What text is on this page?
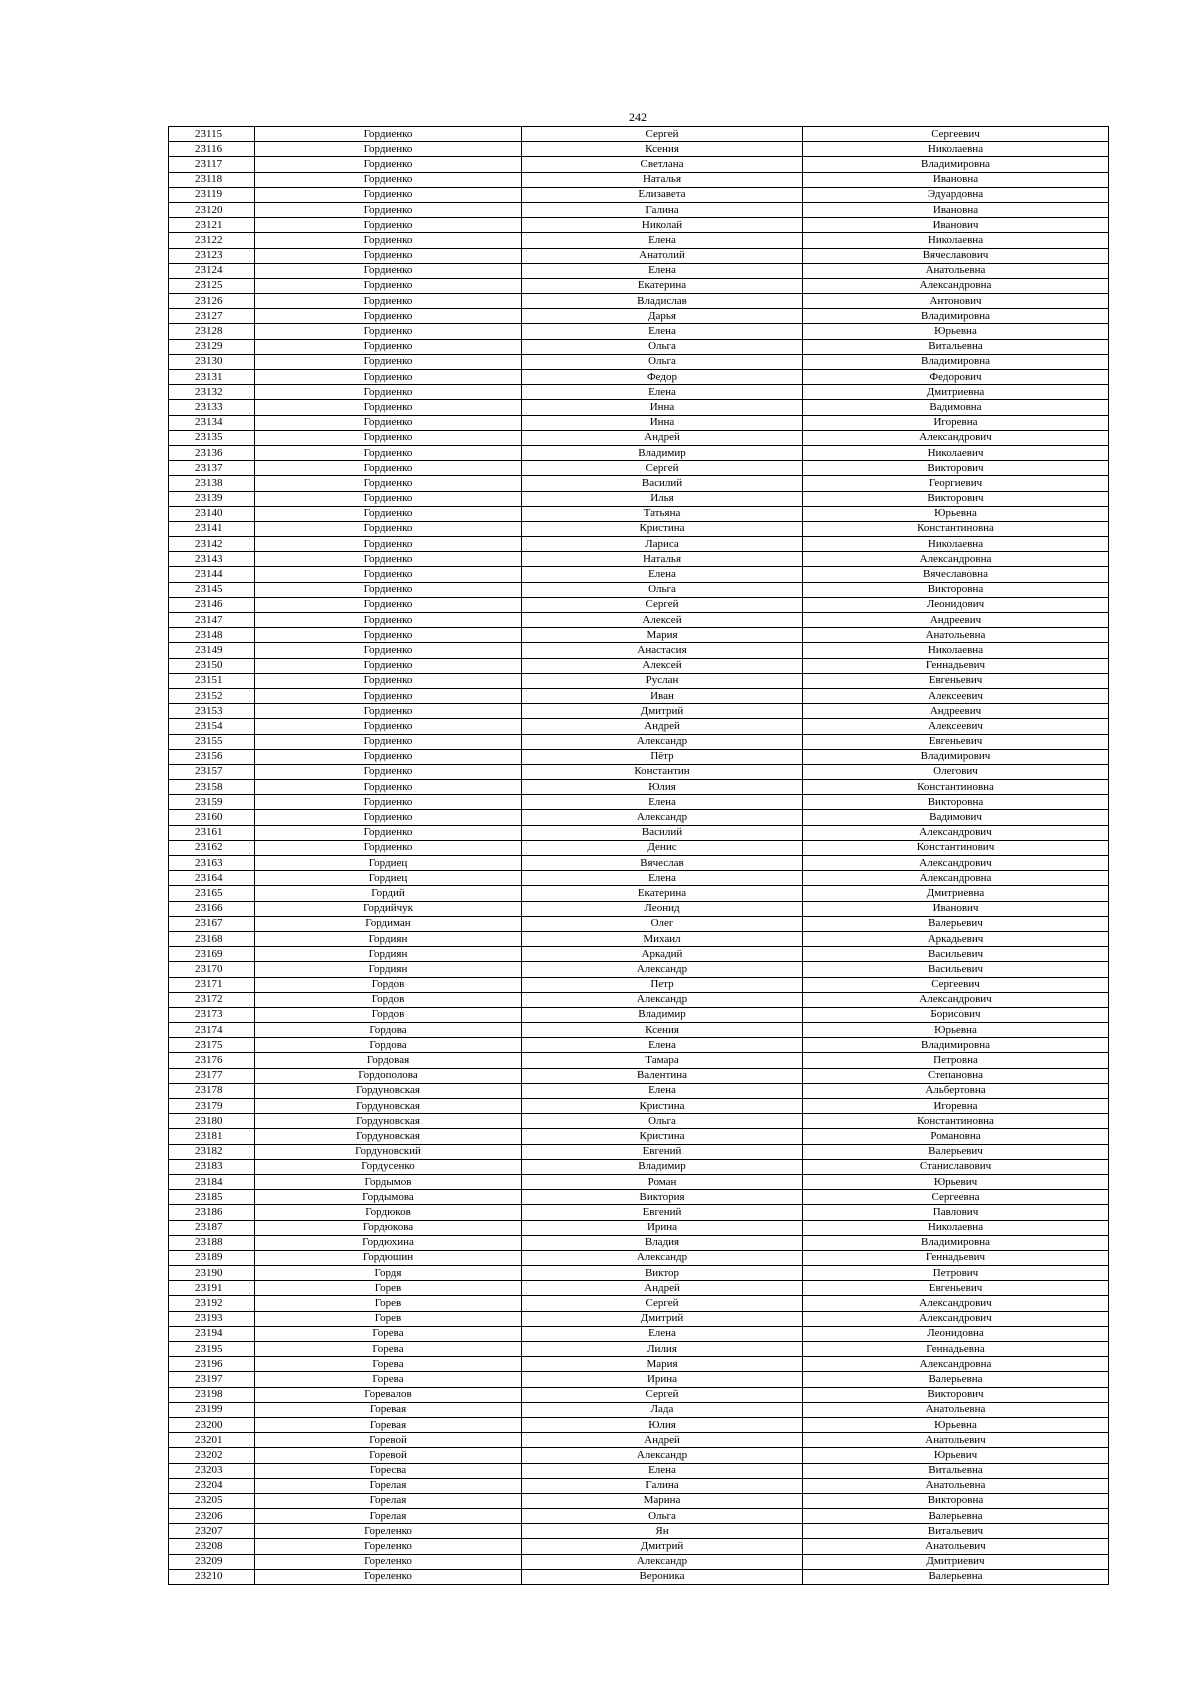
242
23115	Гордиенко	Сергей	Сергеевич
23116	Гордиенко	Ксения	Николаевна
23117	Гордиенко	Светлана	Владимировна
23118	Гордиенко	Наталья	Ивановна
23119	Гордиенко	Елизавета	Эдуардовна
23120	Гордиенко	Галина	Ивановна
23121	Гордиенко	Николай	Иванович
23122	Гордиенко	Елена	Николаевна
23123	Гордиенко	Анатолий	Вячеславович
23124	Гордиенко	Елена	Анатольевна
23125	Гордиенко	Екатерина	Александровна
23126	Гордиенко	Владислав	Антонович
23127	Гордиенко	Дарья	Владимировна
23128	Гордиенко	Елена	Юрьевна
23129	Гордиенко	Ольга	Витальевна
23130	Гордиенко	Ольга	Владимировна
23131	Гордиенко	Федор	Федорович
23132	Гордиенко	Елена	Дмитриевна
23133	Гордиенко	Инна	Вадимовна
23134	Гордиенко	Инна	Игоревна
23135	Гордиенко	Андрей	Александрович
23136	Гордиенко	Владимир	Николаевич
23137	Гордиенко	Сергей	Викторович
23138	Гордиенко	Василий	Георгиевич
23139	Гордиенко	Илья	Викторович
23140	Гордиенко	Татьяна	Юрьевна
23141	Гордиенко	Кристина	Константиновна
23142	Гордиенко	Лариса	Николаевна
23143	Гордиенко	Наталья	Александровна
23144	Гордиенко	Елена	Вячеславовна
23145	Гордиенко	Ольга	Викторовна
23146	Гордиенко	Сергей	Леонидович
23147	Гордиенко	Алексей	Андреевич
23148	Гордиенко	Мария	Анатольевна
23149	Гордиенко	Анастасия	Николаевна
23150	Гордиенко	Алексей	Геннадьевич
23151	Гордиенко	Руслан	Евгеньевич
23152	Гордиенко	Иван	Алексеевич
23153	Гордиенко	Дмитрий	Андреевич
23154	Гордиенко	Андрей	Алексеевич
23155	Гордиенко	Александр	Евгеньевич
23156	Гордиенко	Пётр	Владимирович
23157	Гордиенко	Константин	Олегович
23158	Гордиенко	Юлия	Константиновна
23159	Гордиенко	Елена	Викторовна
23160	Гордиенко	Александр	Вадимович
23161	Гордиенко	Василий	Александрович
23162	Гордиенко	Денис	Константинович
23163	Гордиец	Вячеслав	Александрович
23164	Гордиец	Елена	Александровна
23165	Гордий	Екатерина	Дмитриевна
23166	Гордийчук	Леонид	Иванович
23167	Гордиман	Олег	Валерьевич
23168	Гордиян	Михаил	Аркадьевич
23169	Гордиян	Аркадий	Васильевич
23170	Гордиян	Александр	Васильевич
23171	Гордов	Петр	Сергеевич
23172	Гордов	Александр	Александрович
23173	Гордов	Владимир	Борисович
23174	Гордова	Ксения	Юрьевна
23175	Гордова	Елена	Владимировна
23176	Гордовая	Тамара	Петровна
23177	Гордополова	Валентина	Степановна
23178	Гордуновская	Елена	Альбертовна
23179	Гордуновская	Кристина	Игоревна
23180	Гордуновская	Ольга	Константиновна
23181	Гордуновская	Кристина	Романовна
23182	Гордуновский	Евгений	Валерьевич
23183	Гордусенко	Владимир	Станиславович
23184	Гордымов	Роман	Юрьевич
23185	Гордымова	Виктория	Сергеевна
23186	Гордюков	Евгений	Павлович
23187	Гордюкова	Ирина	Николаевна
23188	Гордюхина	Владия	Владимировна
23189	Гордюшин	Александр	Геннадьевич
23190	Гордя	Виктор	Петрович
23191	Горев	Андрей	Евгеньевич
23192	Горев	Сергей	Александрович
23193	Горев	Дмитрий	Александрович
23194	Горева	Елена	Леонидовна
23195	Горева	Лилия	Геннадьевна
23196	Горева	Мария	Александровна
23197	Горева	Ирина	Валерьевна
23198	Горевалов	Сергей	Викторович
23199	Горевая	Лада	Анатольевна
23200	Горевая	Юлия	Юрьевна
23201	Горевой	Андрей	Анатольевич
23202	Горевой	Александр	Юрьевич
23203	Горесва	Елена	Витальевна
23204	Горелая	Галина	Анатольевна
23205	Горелая	Марина	Викторовна
23206	Горелая	Ольга	Валерьевна
23207	Гореленко	Ян	Витальевич
23208	Гореленко	Дмитрий	Анатольевич
23209	Гореленко	Александр	Дмитриевич
23210	Гореленко	Вероника	Валерьевна
